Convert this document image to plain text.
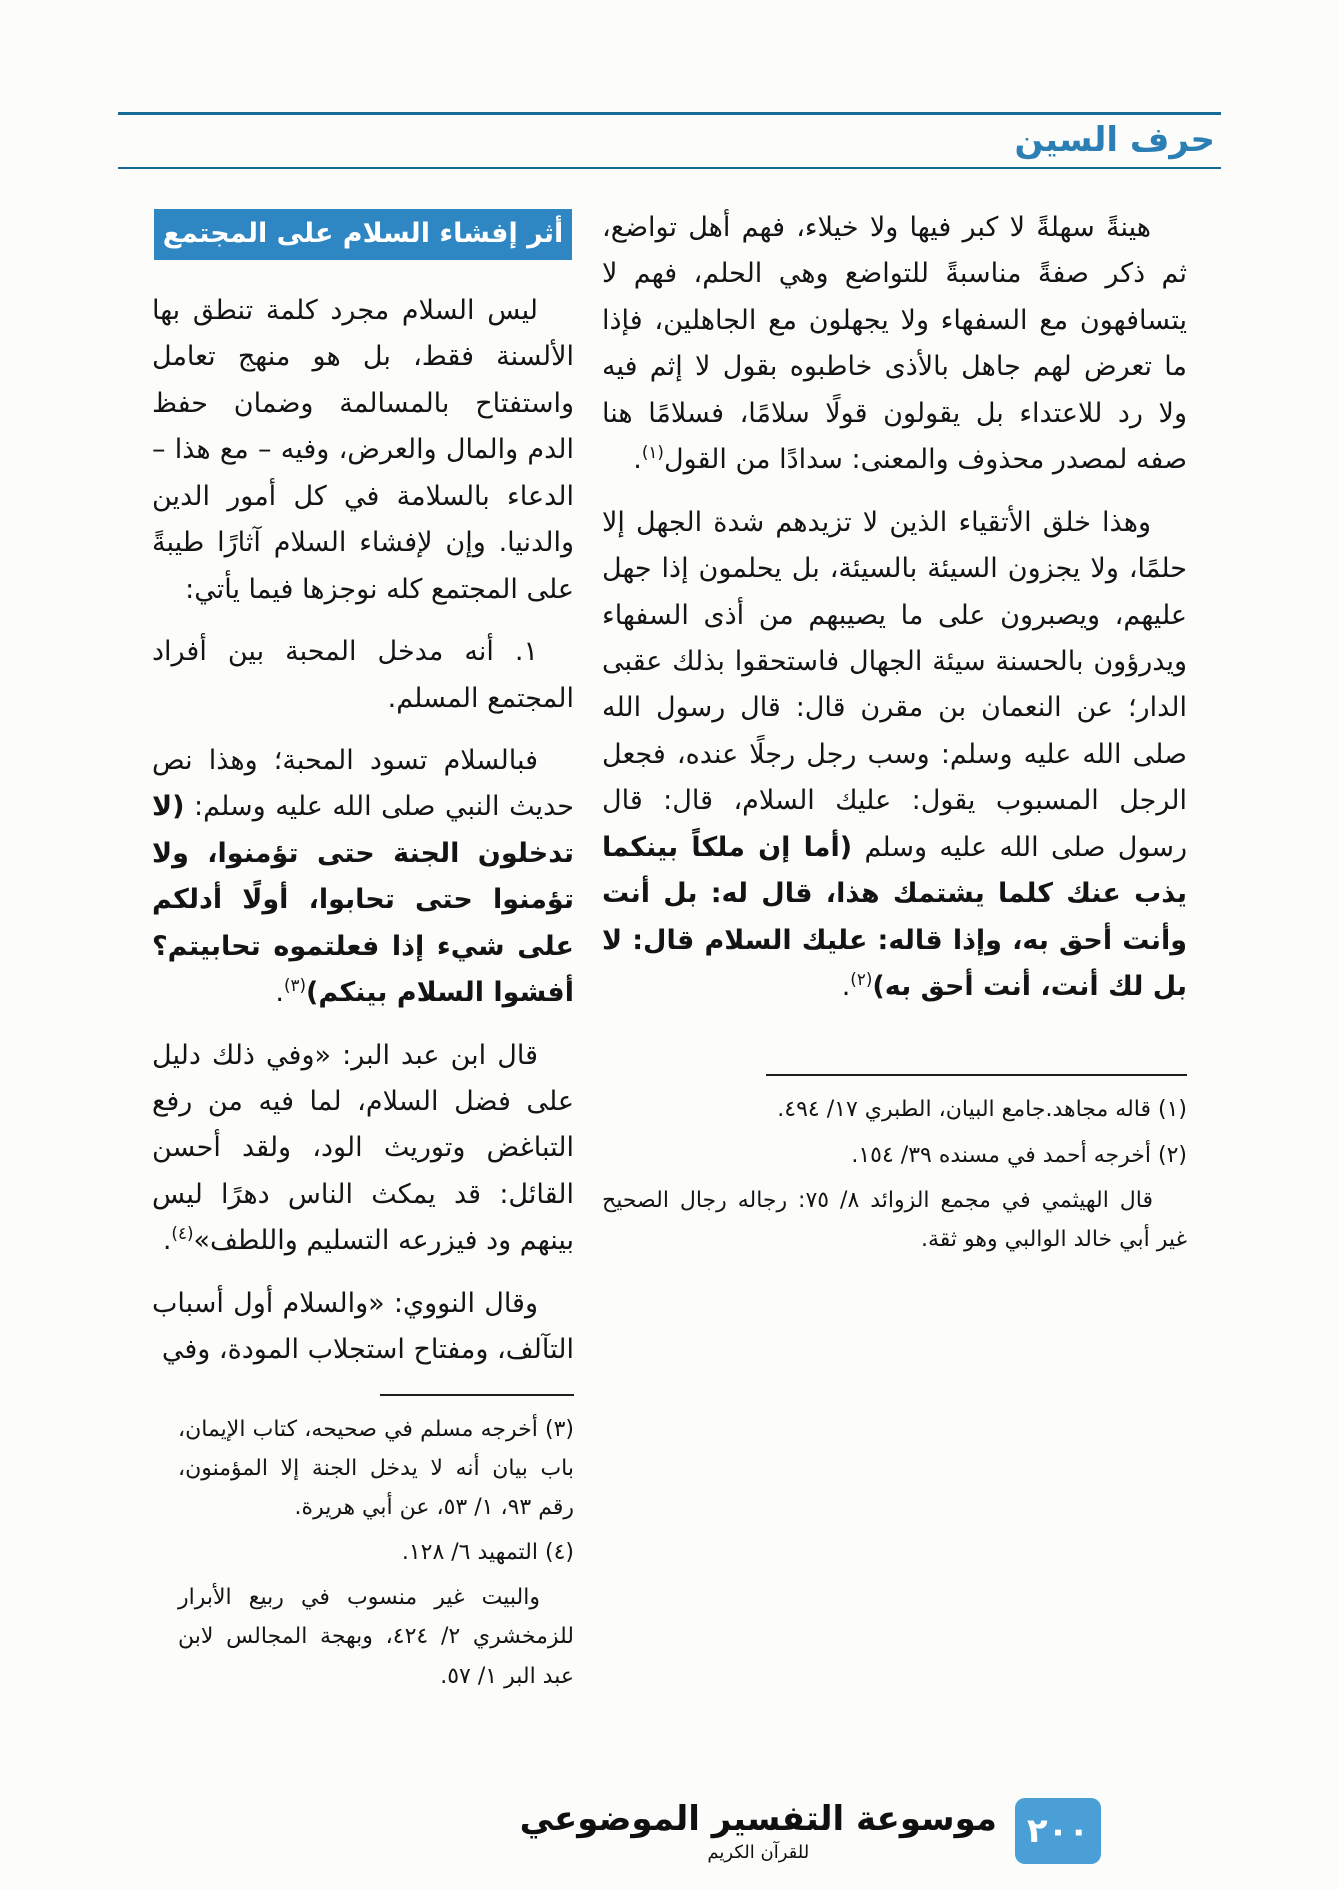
حرف السين

هينةً سهلةً لا كبر فيها ولا خيلاء، فهم أهل تواضع، ثم ذكر صفةً مناسبةً للتواضع وهي الحلم، فهم لا يتسافهون مع السفهاء ولا يجهلون مع الجاهلين، فإذا ما تعرض لهم جاهل بالأذى خاطبوه بقول لا إثم فيه ولا رد للاعتداء بل يقولون قولًا سلامًا، فسلامًا هنا صفه لمصدر محذوف والمعنى: سدادًا من القول$^{(١)}$.

وهذا خلق الأتقياء الذين لا تزيدهم شدة الجهل إلا حلمًا، ولا يجزون السيئة بالسيئة، بل يحلمون إذا جهل عليهم، ويصبرون على ما يصيبهم من أذى السفهاء ويدرؤون بالحسنة سيئة الجهال فاستحقوا بذلك عقبى الدار؛ عن النعمان بن مقرن قال: قال رسول الله صلى الله عليه وسلم: وسب رجل رجلًا عنده، فجعل الرجل المسبوب يقول: عليك السلام، قال: قال رسول صلى الله عليه وسلم (أما إن ملكاً بينكما يذب عنك كلما يشتمك هذا، قال له: بل أنت وأنت أحق به، وإذا قاله: عليك السلام قال: لا بل لك أنت، أنت أحق به)$^{(٢)}$.

(١) قاله مجاهد.جامع البيان، الطبري ١٧/ ٤٩٤.

(٢) أخرجه أحمد في مسنده ٣٩/ ١٥٤.

قال الهيثمي في مجمع الزوائد ٨/ ٧٥: رجاله رجال الصحيح غير أبي خالد الوالبي وهو ثقة.

أثر إفشاء السلام على المجتمع

ليس السلام مجرد كلمة تنطق بها الألسنة فقط، بل هو منهج تعامل واستفتاح بالمسالمة وضمان حفظ الدم والمال والعرض، وفيه – مع هذا – الدعاء بالسلامة في كل أمور الدين والدنيا. وإن لإفشاء السلام آثارًا طيبةً على المجتمع كله نوجزها فيما يأتي:

١. أنه مدخل المحبة بين أفراد المجتمع المسلم.

فبالسلام تسود المحبة؛ وهذا نص حديث النبي صلى الله عليه وسلم: (لا تدخلون الجنة حتى تؤمنوا، ولا تؤمنوا حتى تحابوا، أولًا أدلكم على شيء إذا فعلتموه تحابيتم؟ أفشوا السلام بينكم)$^{(٣)}$.

قال ابن عبد البر: «وفي ذلك دليل على فضل السلام، لما فيه من رفع التباغض وتوريث الود، ولقد أحسن القائل: قد يمكث الناس دهرًا ليس بينهم ود فيزرعه التسليم واللطف»$^{(٤)}$.

وقال النووي: «والسلام أول أسباب التآلف، ومفتاح استجلاب المودة، وفي

(٣) أخرجه مسلم في صحيحه، كتاب الإيمان، باب بيان أنه لا يدخل الجنة إلا المؤمنون، رقم ٩٣، ١/ ٥٣، عن أبي هريرة.

(٤) التمهيد ٦/ ١٢٨.

والبيت غير منسوب في ربيع الأبرار للزمخشري ٢/ ٤٢٤، وبهجة المجالس لابن عبد البر ١/ ٥٧.

٢٠٠
موسوعة التفسير الموضوعي
للقرآن الكريم
